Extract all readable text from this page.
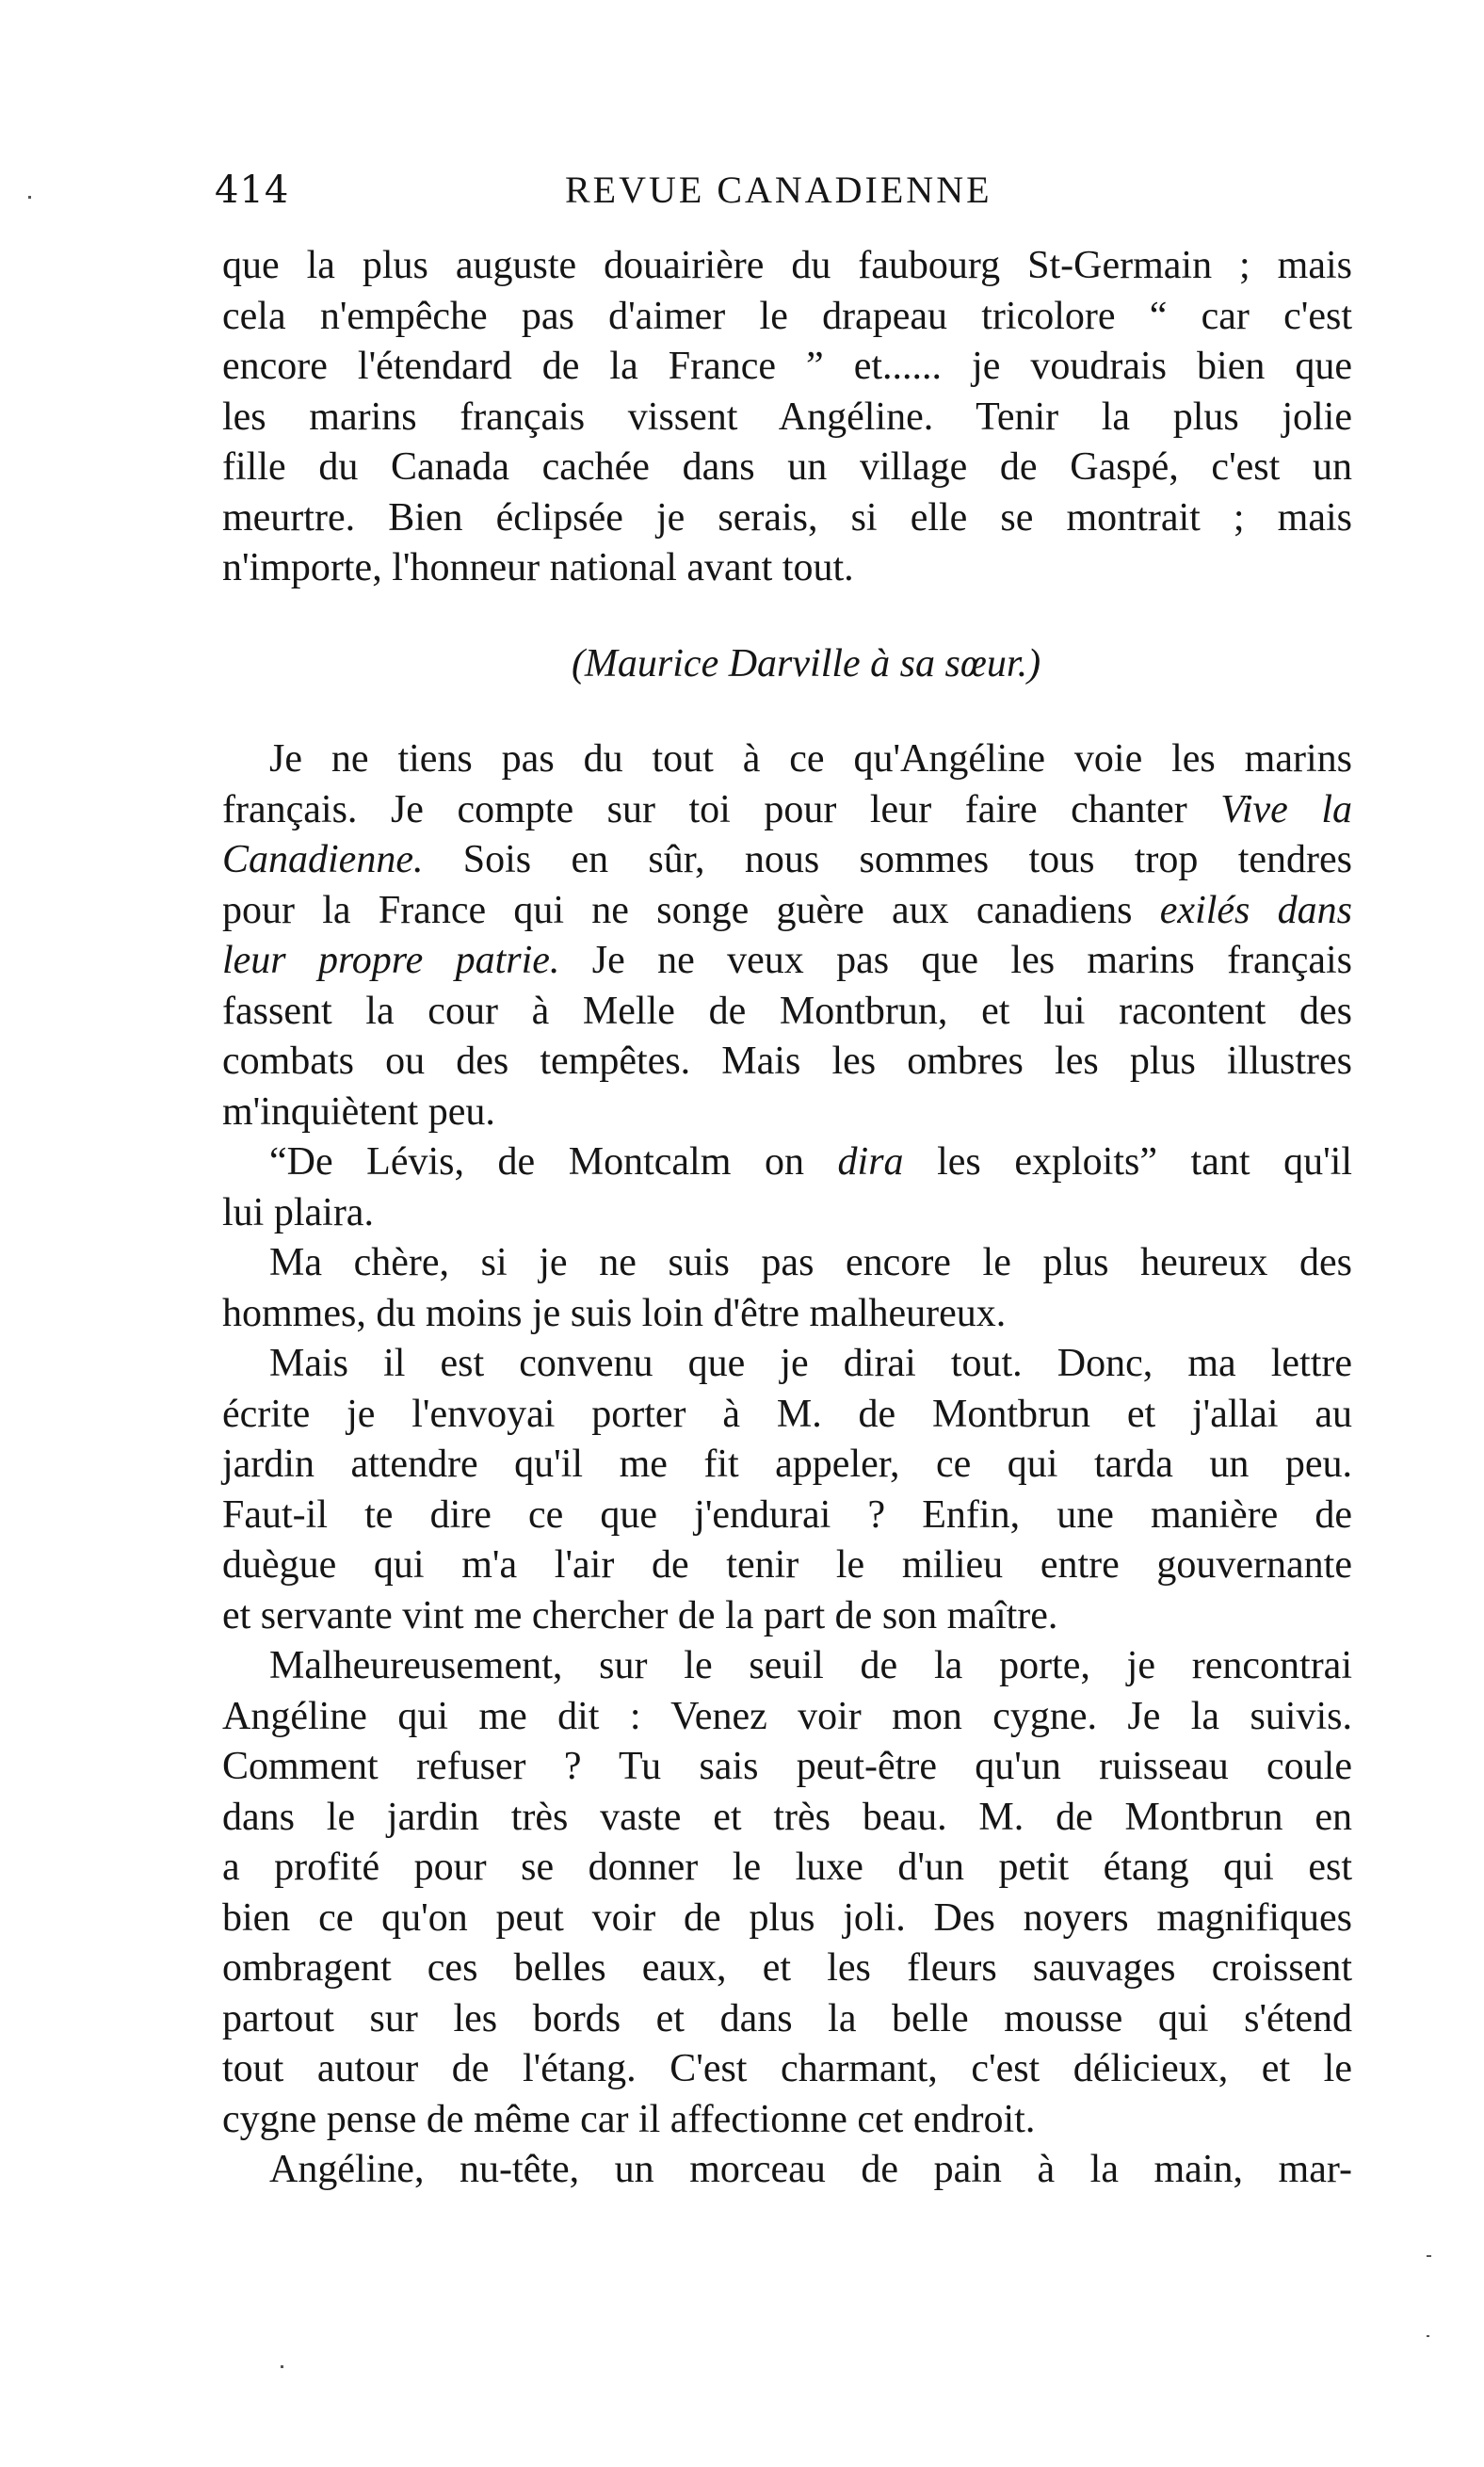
414	REVUE CANADIENNE
que la plus auguste douairière du faubourg St-Germain ; mais
cela n'empêche pas d'aimer le drapeau tricolore “ car c'est
encore l'étendard de la France ” et...... je voudrais bien que
les marins français vissent Angéline. Tenir la plus jolie
fille du Canada cachée dans un village de Gaspé, c'est un
meurtre. Bien éclipsée je serais, si elle se montrait ; mais
n'importe, l'honneur national avant tout.
(Maurice Darville à sa sœur.)
Je ne tiens pas du tout à ce qu'Angéline voie les marins
français. Je compte sur toi pour leur faire chanter Vive la
Canadienne. Sois en sûr, nous sommes tous trop tendres
pour la France qui ne songe guère aux canadiens exilés dans
leur propre patrie. Je ne veux pas que les marins français
fassent la cour à Melle de Montbrun, et lui racontent des
combats ou des tempêtes. Mais les ombres les plus illustres
m'inquiètent peu.
“De Lévis, de Montcalm on dira les exploits” tant qu'il
lui plaira.
Ma chère, si je ne suis pas encore le plus heureux des
hommes, du moins je suis loin d'être malheureux.
Mais il est convenu que je dirai tout. Donc, ma lettre
écrite je l'envoyai porter à M. de Montbrun et j'allai au
jardin attendre qu'il me fit appeler, ce qui tarda un peu.
Faut-il te dire ce que j'endurai ? Enfin, une manière de
duègue qui m'a l'air de tenir le milieu entre gouvernante
et servante vint me chercher de la part de son maître.
Malheureusement, sur le seuil de la porte, je rencontrai
Angéline qui me dit : Venez voir mon cygne. Je la suivis.
Comment refuser ? Tu sais peut-être qu'un ruisseau coule
dans le jardin très vaste et très beau. M. de Montbrun en
a profité pour se donner le luxe d'un petit étang qui est
bien ce qu'on peut voir de plus joli. Des noyers magnifiques
ombragent ces belles eaux, et les fleurs sauvages croissent
partout sur les bords et dans la belle mousse qui s'étend
tout autour de l'étang. C'est charmant, c'est délicieux, et le
cygne pense de même car il affectionne cet endroit.
Angéline, nu-tête, un morceau de pain à la main, mar-
